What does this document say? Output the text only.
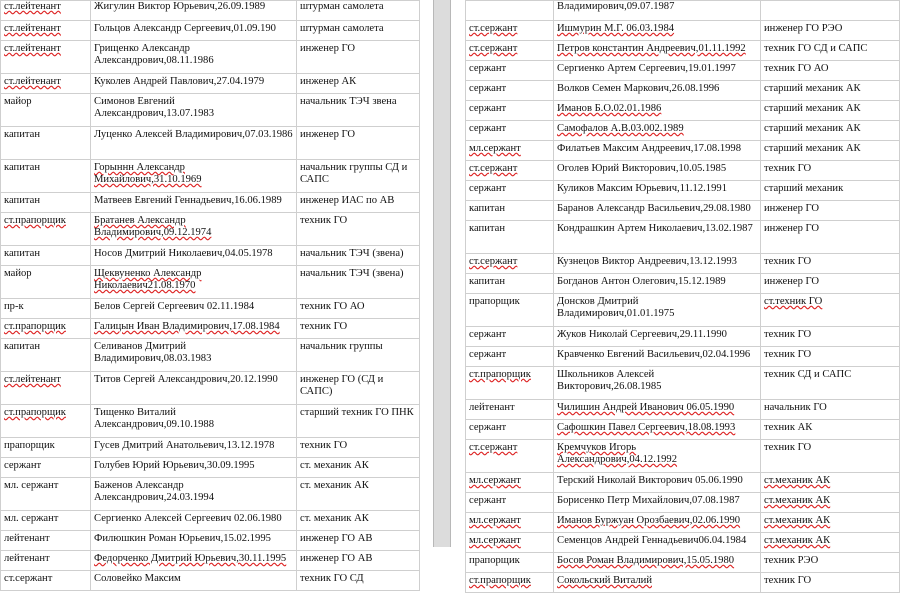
ст.лейтенант	Жигулин Виктор Юрьевич,26.09.1989	штурман самолета
ст.лейтенант	Гольцов Александр Сергеевич,01.09.190	штурман самолета
ст.лейтенант	Грищенко Александр Александрович,08.11.1986	инженер ГО
ст.лейтенант	Куколев Андрей Павлович,27.04.1979	инженер АК
майор	Симонов Евгений Александрович,13.07.1983	начальник ТЭЧ звена
капитан	Луценко Алексей Владимирович,07.03.1986	инженер ГО
капитан	Горыннн Александр Михайлович,31.10.1969	начальник группы СД и САПС
капитан	Матвеев Евгений Геннадьевич,16.06.1989	инженер ИАС по АВ
ст.прапорщик	Братанев Александр Владимирович,09.12.1974	техник ГО
капитан	Носов Дмитрий Николаевич,04.05.1978	начальник ТЭЧ (звена)
майор	Щеквуненко Александр Николаевич21.08.1970	начальник ТЭЧ (звена)
пр-к	Белов Сергей Сергеевич 02.11.1984	техник ГО АО
ст.прапорщик	Галицын Иван Владимирович,17.08.1984	техник ГО
капитан	Селиванов Дмитрий Владимирович,08.03.1983	начальник группы
ст.лейтенант	Титов Сергей Александрович,20.12.1990	инженер ГО (СД и САПС)
ст.прапорщик	Тищенко Виталий Александрович,09.10.1988	старший техник ГО ПНК
прапорщик	Гусев Дмитрий Анатольевич,13.12.1978	техник ГО
сержант	Голубев Юрий Юрьевич,30.09.1995	ст. механик АК
мл. сержант	Баженов Александр Александрович,24.03.1994	ст. механик АК
мл. сержант	Сергиенко Алексей Сергеевич 02.06.1980	ст. механик АК
лейтенант	Филюшкин Роман Юрьевич,15.02.1995	инженер ГО АВ
лейтенант	Федорченко Дмитрий Юрьевич,30.11.1995	инженер ГО АВ
ст.сержант	Соловейко Максим	техник ГО СД
	Владимирович,09.07.1987	
ст.сержант	Ишмурин М.Г. 06.03.1984	инженер ГО РЭО
ст.сержант	Петров константин Андреевич,01.11.1992	техник ГО СД и САПС
сержант	Сергиенко Артем Сергеевич,19.01.1997	техник ГО АО
сержант	Волков Семен Маркович,26.08.1996	старший механик АК
сержант	Иманов Б.О.02.01.1986	старший механик АК
сержант	Самофалов А.В.03.002.1989	старший механик АК
мл.сержант	Филатьев Максим Андреевич,17.08.1998	старший механик АК
ст.сержант	Оголев Юрий Викторович,10.05.1985	техник ГО
сержант	Куликов Максим Юрьевич,11.12.1991	старший механик
капитан	Баранов Александр Васильевич,29.08.1980	инженер ГО
капитан	Кондрашкин Артем Николаевич,13.02.1987	инженер ГО
ст.сержант	Кузнецов Виктор Андреевич,13.12.1993	техник ГО
капитан	Богданов Антон Олегович,15.12.1989	инженер ГО
прапорщик	Донсков Дмитрий Владимирович,01.01.1975	ст.техник ГО
сержант	Жуков Николай Сергеевич,29.11.1990	техник ГО
сержант	Кравченко Евгений Васильевич,02.04.1996	техник ГО
ст.прапорщик	Школьников Алексей Викторович,26.08.1985	техник СД и САПС
лейтенант	Чилишин Андрей Иванович 06.05.1990	начальник ГО
сержант	Сафошкин Павел Сергеевич,18.08.1993	техник АК
ст.сержант	Кремчуков Игорь Александрович,04.12.1992	техник ГО
мл.сержант	Терский Николай Викторович 05.06.1990	ст.механик АК
сержант	Борисенко Петр Михайлович,07.08.1987	ст.механик АК
мл.сержант	Иманов Буржуан Орозбаевич,02.06.1990	ст.механик АК
мл.сержант	Семенцов Андрей Геннадьевич06.04.1984	ст.механик АК
прапорщик	Босов Роман Владимирович,15.05.1980	техник РЭО
ст.прапорщик	Сокольский Виталий	техник ГО
